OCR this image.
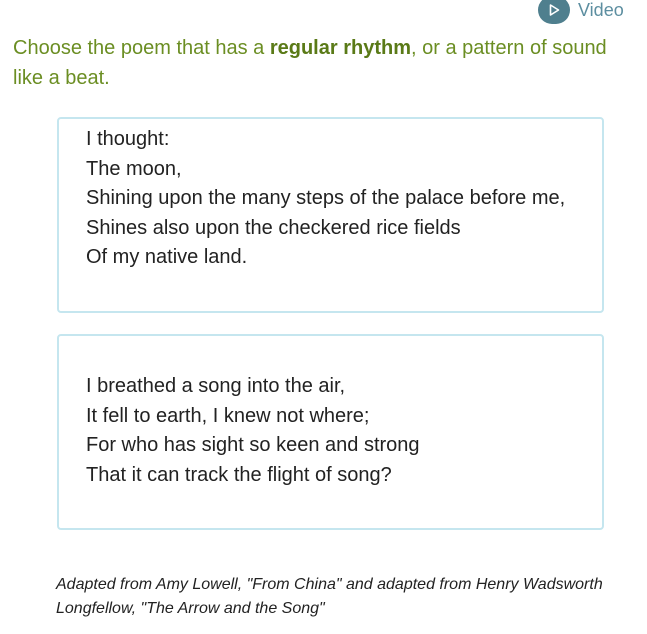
Video

Choose the poem that has a regular rhythm, or a pattern of sound like a beat.

I thought:
The moon,
Shining upon the many steps of the palace before me,
Shines also upon the checkered rice fields
Of my native land.
I breathed a song into the air,
It fell to earth, I knew not where;
For who has sight so keen and strong
That it can track the flight of song?
Adapted from Amy Lowell, "From China" and adapted from Henry Wadsworth Longfellow, "The Arrow and the Song"
